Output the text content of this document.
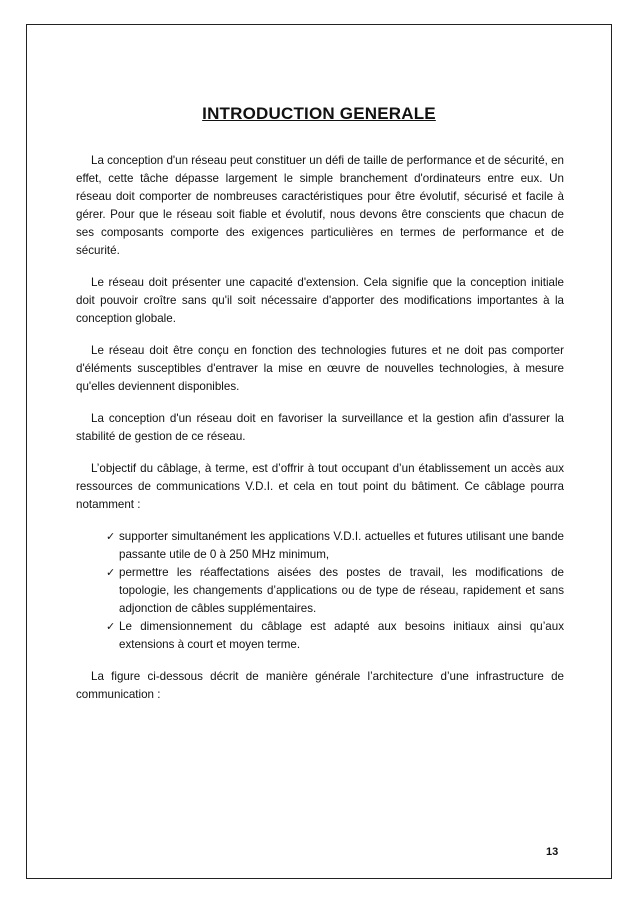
INTRODUCTION GENERALE

La conception d'un réseau peut constituer un défi de taille de performance et de sécurité, en effet, cette tâche dépasse largement le simple branchement d'ordinateurs entre eux. Un réseau doit comporter de nombreuses caractéristiques pour être évolutif, sécurisé et facile à gérer. Pour que le réseau soit fiable et évolutif, nous devons être conscients que chacun de ses composants comporte des exigences particulières en termes de performance et de sécurité.

Le réseau doit présenter une capacité d'extension. Cela signifie que la conception initiale doit pouvoir croître sans qu'il soit nécessaire d'apporter des modifications importantes à la conception globale.

Le réseau doit être conçu en fonction des technologies futures et ne doit pas comporter d'éléments susceptibles d'entraver la mise en œuvre de nouvelles technologies, à mesure qu'elles deviennent disponibles.

La conception d'un réseau doit en favoriser la surveillance et la gestion afin d'assurer la stabilité de gestion de ce réseau.

L’objectif du câblage, à terme, est d’offrir à tout occupant d’un établissement un accès aux ressources de communications V.D.I. et cela en tout point du bâtiment. Ce câblage pourra notamment :

✓ supporter simultanément les applications V.D.I. actuelles et futures utilisant une bande passante utile de 0 à 250 MHz minimum,
✓ permettre les réaffectations aisées des postes de travail, les modifications de topologie, les changements d’applications ou de type de réseau, rapidement et sans adjonction de câbles supplémentaires.
✓ Le dimensionnement du câblage est adapté aux besoins initiaux ainsi qu’aux extensions à court et moyen terme.

La figure ci-dessous décrit de manière générale l’architecture d’une infrastructure de communication :

13
